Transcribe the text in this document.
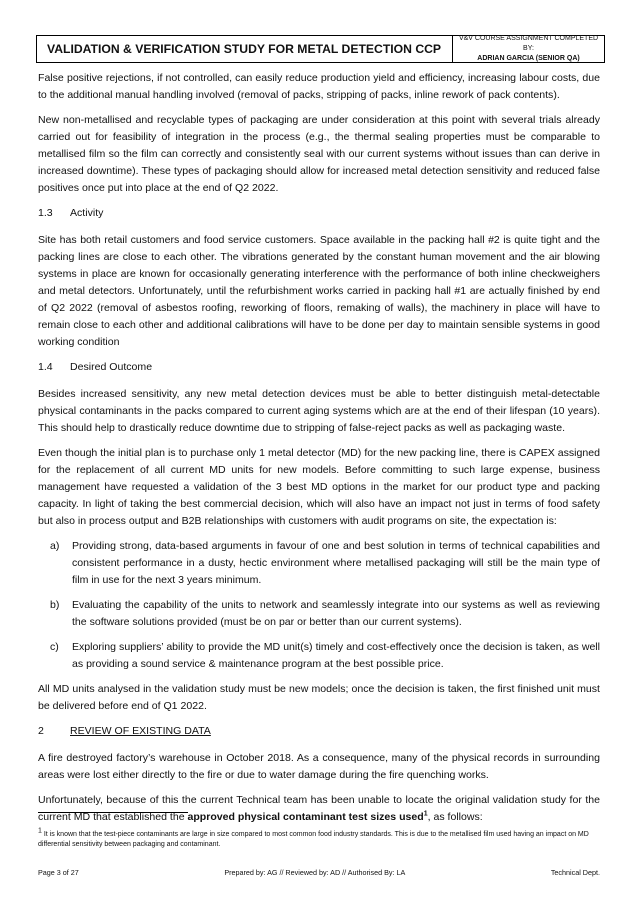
VALIDATION & VERIFICATION STUDY FOR METAL DETECTION CCP
V&V COURSE ASSIGNMENT COMPLETED BY:
ADRIAN GARCIA (SENIOR QA)

False positive rejections, if not controlled, can easily reduce production yield and efficiency, increasing labour costs, due to the additional manual handling involved (removal of packs, stripping of packs, inline rework of pack contents).

New non-metallised and recyclable types of packaging are under consideration at this point with several trials already carried out for feasibility of integration in the process (e.g., the thermal sealing properties must be comparable to metallised film so the film can correctly and consistently seal with our current systems without issues than can derive in increased downtime). These types of packaging should allow for increased metal detection sensitivity and reduced false positives once put into place at the end of Q2 2022.

1.3	Activity

Site has both retail customers and food service customers. Space available in the packing hall #2 is quite tight and the packing lines are close to each other. The vibrations generated by the constant human movement and the air blowing systems in place are known for occasionally generating interference with the performance of both inline checkweighers and metal detectors. Unfortunately, until the refurbishment works carried in packing hall #1 are actually finished by end of Q2 2022 (removal of asbestos roofing, reworking of floors, remaking of walls), the machinery in place will have to remain close to each other and additional calibrations will have to be done per day to maintain sensible systems in good working condition

1.4	Desired Outcome

Besides increased sensitivity, any new metal detection devices must be able to better distinguish metal-detectable physical contaminants in the packs compared to current aging systems which are at the end of their lifespan (10 years). This should help to drastically reduce downtime due to stripping of false-reject packs as well as packaging waste.

Even though the initial plan is to purchase only 1 metal detector (MD) for the new packing line, there is CAPEX assigned for the replacement of all current MD units for new models. Before committing to such large expense, business management have requested a validation of the 3 best MD options in the market for our product type and packing capacity. In light of taking the best commercial decision, which will also have an impact not just in terms of food safety but also in process output and B2B relationships with customers with audit programs on site, the expectation is:

a)	Providing strong, data-based arguments in favour of one and best solution in terms of technical capabilities and consistent performance in a dusty, hectic environment where metallised packaging will still be the main type of film in use for the next 3 years minimum.
b)	Evaluating the capability of the units to network and seamlessly integrate into our systems as well as reviewing the software solutions provided (must be on par or better than our current systems).
c)	Exploring suppliers’ ability to provide the MD unit(s) timely and cost-effectively once the decision is taken, as well as providing a sound service & maintenance program at the best possible price.

All MD units analysed in the validation study must be new models; once the decision is taken, the first finished unit must be delivered before end of Q1 2022.

2	REVIEW OF EXISTING DATA

A fire destroyed factory’s warehouse in October 2018. As a consequence, many of the physical records in surrounding areas were lost either directly to the fire or due to water damage during the fire quenching works.

Unfortunately, because of this the current Technical team has been unable to locate the original validation study for the current MD that established the approved physical contaminant test sizes used$^1$, as follows:

$^1$ It is known that the test-piece contaminants are large in size compared to most common food industry standards. This is due to the metallised film used having an impact on MD differential sensitivity between packaging and contaminant.
Page 3 of 27	Prepared by: AG // Reviewed by: AD // Authorised By: LA	Technical Dept.
